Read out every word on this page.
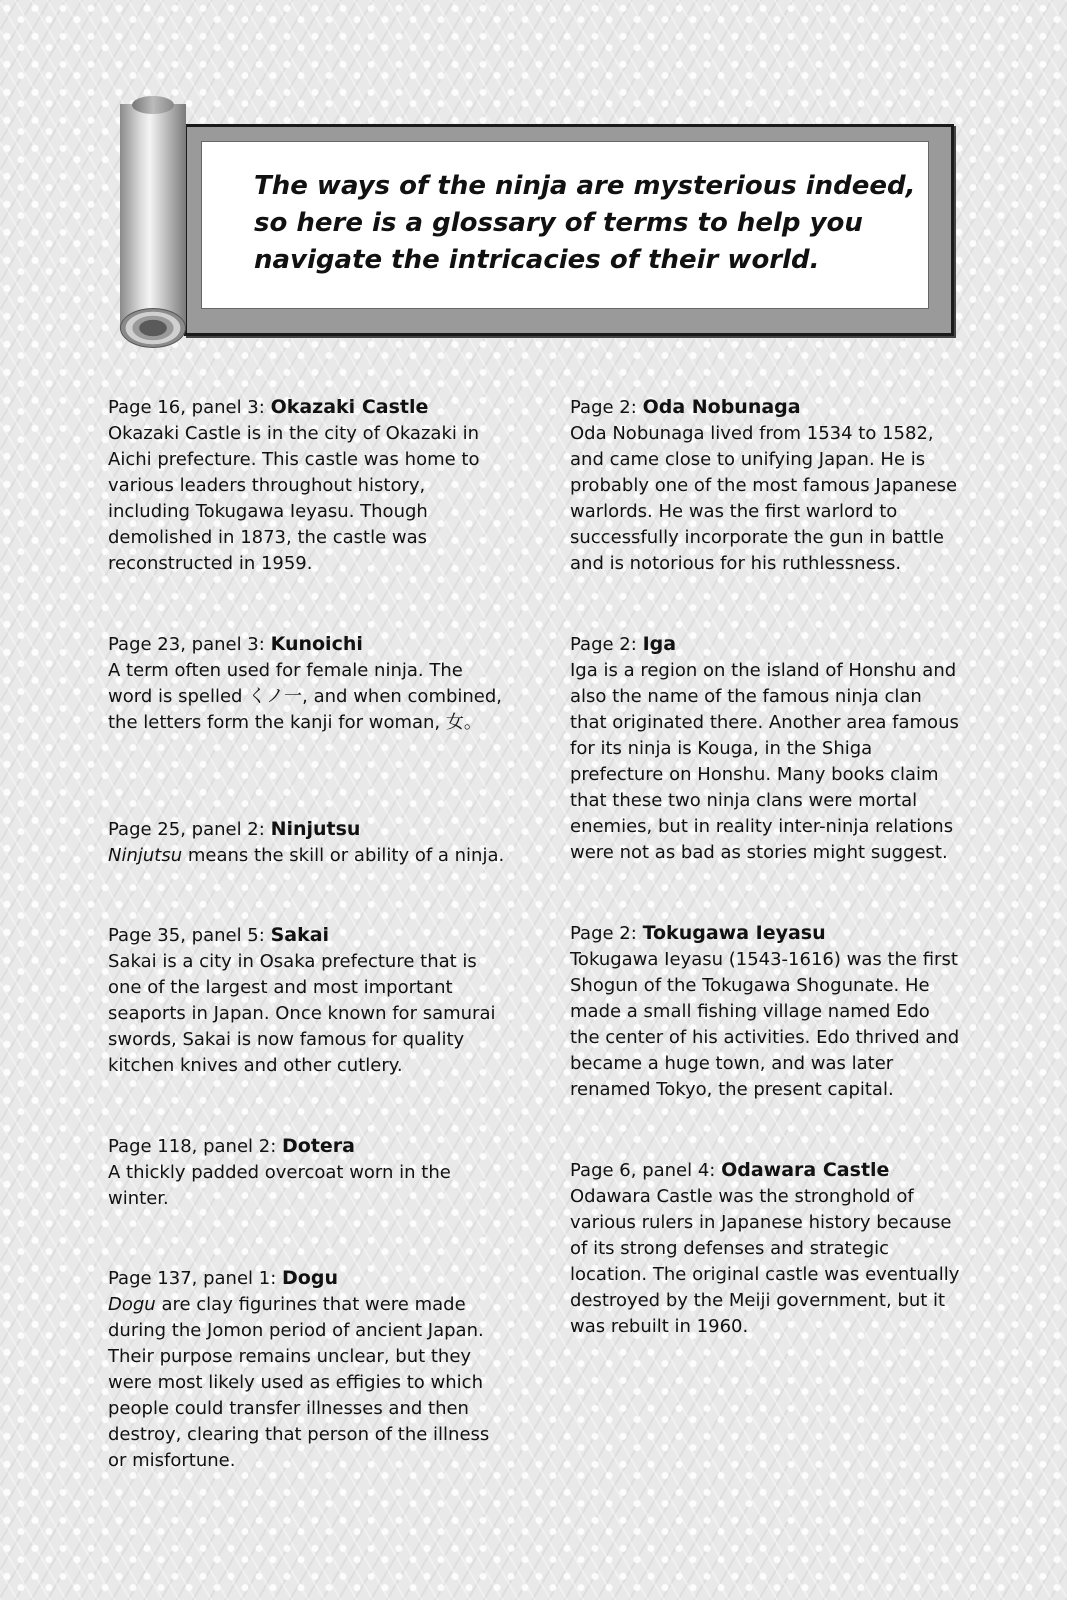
The ways of the ninja are mysterious indeed, so here is a glossary of terms to help you navigate the intricacies of their world.

Page 16, panel 3: Okazaki Castle
Okazaki Castle is in the city of Okazaki in Aichi prefecture. This castle was home to various leaders throughout history, including Tokugawa Ieyasu. Though demolished in 1873, the castle was reconstructed in 1959.
Page 23, panel 3: Kunoichi
A term often used for female ninja. The word is spelled くノ一, and when combined, the letters form the kanji for woman, 女。
Page 25, panel 2: Ninjutsu
Ninjutsu means the skill or ability of a ninja.
Page 35, panel 5: Sakai
Sakai is a city in Osaka prefecture that is one of the largest and most important seaports in Japan. Once known for samurai swords, Sakai is now famous for quality kitchen knives and other cutlery.
Page 118, panel 2: Dotera
A thickly padded overcoat worn in the winter.
Page 137, panel 1: Dogu
Dogu are clay figurines that were made during the Jomon period of ancient Japan. Their purpose remains unclear, but they were most likely used as effigies to which people could transfer illnesses and then destroy, clearing that person of the illness or misfortune.
Page 2: Oda Nobunaga
Oda Nobunaga lived from 1534 to 1582, and came close to unifying Japan. He is probably one of the most famous Japanese warlords. He was the first warlord to successfully incorporate the gun in battle and is notorious for his ruthlessness.
Page 2: Iga
Iga is a region on the island of Honshu and also the name of the famous ninja clan that originated there. Another area famous for its ninja is Kouga, in the Shiga prefecture on Honshu. Many books claim that these two ninja clans were mortal enemies, but in reality inter-ninja relations were not as bad as stories might suggest.
Page 2: Tokugawa Ieyasu
Tokugawa Ieyasu (1543-1616) was the first Shogun of the Tokugawa Shogunate. He made a small fishing village named Edo the center of his activities. Edo thrived and became a huge town, and was later renamed Tokyo, the present capital.
Page 6, panel 4: Odawara Castle
Odawara Castle was the stronghold of various rulers in Japanese history because of its strong defenses and strategic location. The original castle was eventually destroyed by the Meiji government, but it was rebuilt in 1960.
